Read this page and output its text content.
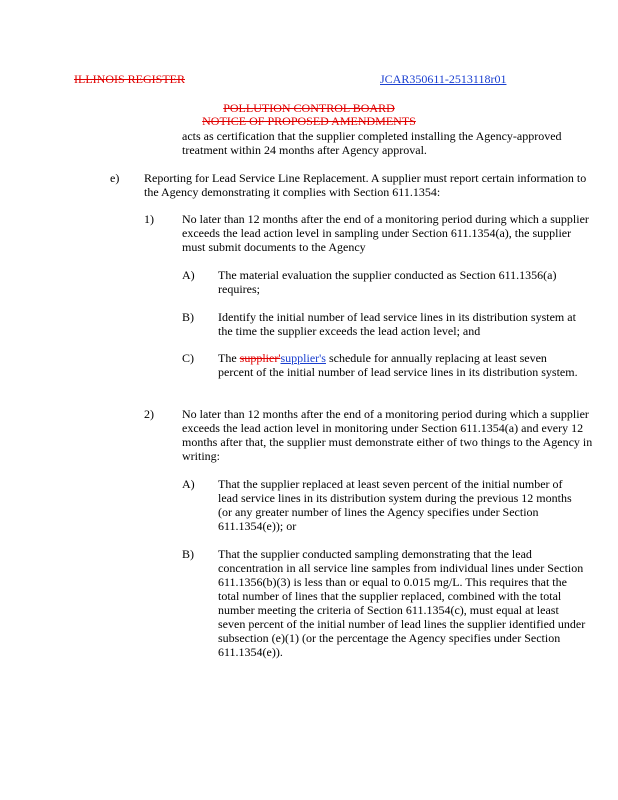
ILLINOIS REGISTER	JCAR350611-2513118r01
POLLUTION CONTROL BOARD
NOTICE OF PROPOSED AMENDMENTS
acts as certification that the supplier completed installing the Agency-approved treatment within 24 months after Agency approval.
e) Reporting for Lead Service Line Replacement. A supplier must report certain information to the Agency demonstrating it complies with Section 611.1354:
1) No later than 12 months after the end of a monitoring period during which a supplier exceeds the lead action level in sampling under Section 611.1354(a), the supplier must submit documents to the Agency
A) The material evaluation the supplier conducted as Section 611.1356(a) requires;
B) Identify the initial number of lead service lines in its distribution system at the time the supplier exceeds the lead action level; and
C) The supplier'supplier's schedule for annually replacing at least seven percent of the initial number of lead service lines in its distribution system.
2) No later than 12 months after the end of a monitoring period during which a supplier exceeds the lead action level in monitoring under Section 611.1354(a) and every 12 months after that, the supplier must demonstrate either of two things to the Agency in writing:
A) That the supplier replaced at least seven percent of the initial number of lead service lines in its distribution system during the previous 12 months (or any greater number of lines the Agency specifies under Section 611.1354(e)); or
B) That the supplier conducted sampling demonstrating that the lead concentration in all service line samples from individual lines under Section 611.1356(b)(3) is less than or equal to 0.015 mg/L. This requires that the total number of lines that the supplier replaced, combined with the total number meeting the criteria of Section 611.1354(c), must equal at least seven percent of the initial number of lead lines the supplier identified under subsection (e)(1) (or the percentage the Agency specifies under Section 611.1354(e)).
